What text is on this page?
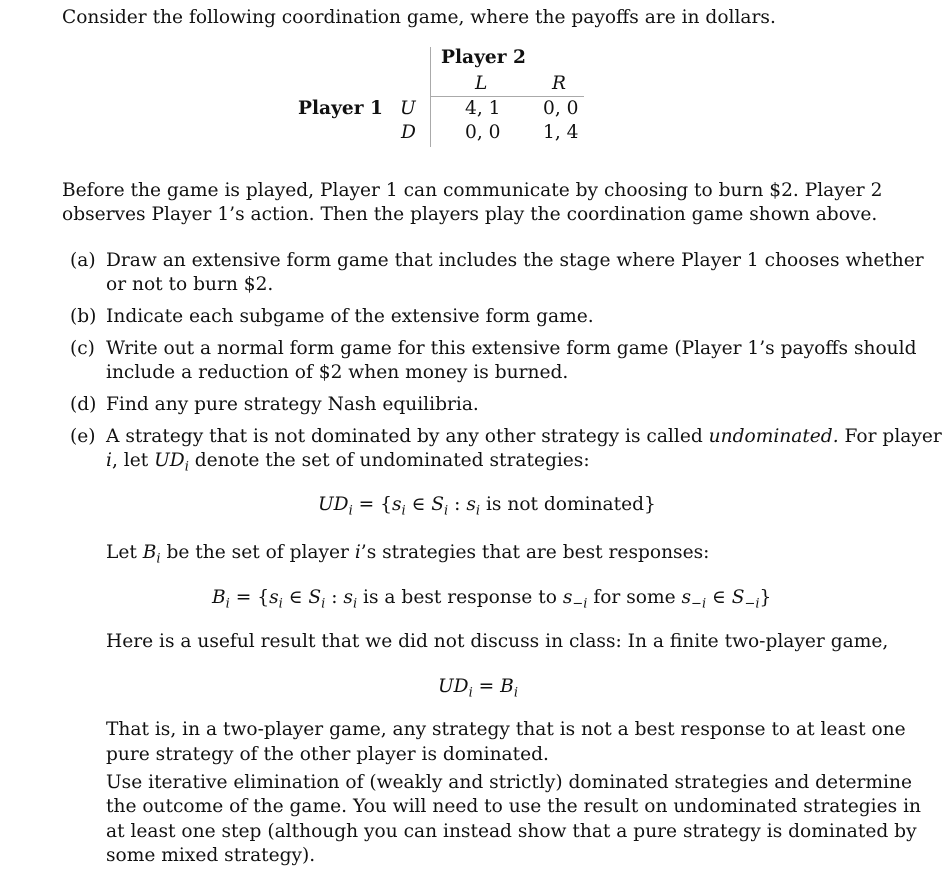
Consider the following coordination game, where the payoffs are in dollars.
Player 2
L	R
Player 1 U
D
4, 1 0, 0
0, 0 1, 4
Before the game is played, Player 1 can communicate by choosing to burn $2. Player 2
observes Player 1’s action. Then the players play the coordination game shown above.
(a) Draw an extensive form game that includes the stage where Player 1 chooses whether
or not to burn $2.
(b) Indicate each subgame of the extensive form game.
(c) Write out a normal form game for this extensive form game (Player 1’s payoffs should
include a reduction of $2 when money is burned.
(d) Find any pure strategy Nash equilibria.
(e) A strategy that is not dominated by any other strategy is called undominated. For player
i, let $UD_i$ denote the set of undominated strategies:
$UD_i = \{s_i$ ∈ $S_i$ : $s_i$ is not dominated}
Let $B_i$ be the set of player i’s strategies that are best responses:
$B_i = \{s_i$ ∈ $S_i$ : $s_i$ is a best response to $s_{-i}$ for some $s_{-i}$ ∈ $S_{-i}$}
Here is a useful result that we did not discuss in class: In a finite two-player game,
$UD_i = B_i$
That is, in a two-player game, any strategy that is not a best response to at least one
pure strategy of the other player is dominated.
Use iterative elimination of (weakly and strictly) dominated strategies and determine
the outcome of the game. You will need to use the result on undominated strategies in
at least one step (although you can instead show that a pure strategy is dominated by
some mixed strategy).
